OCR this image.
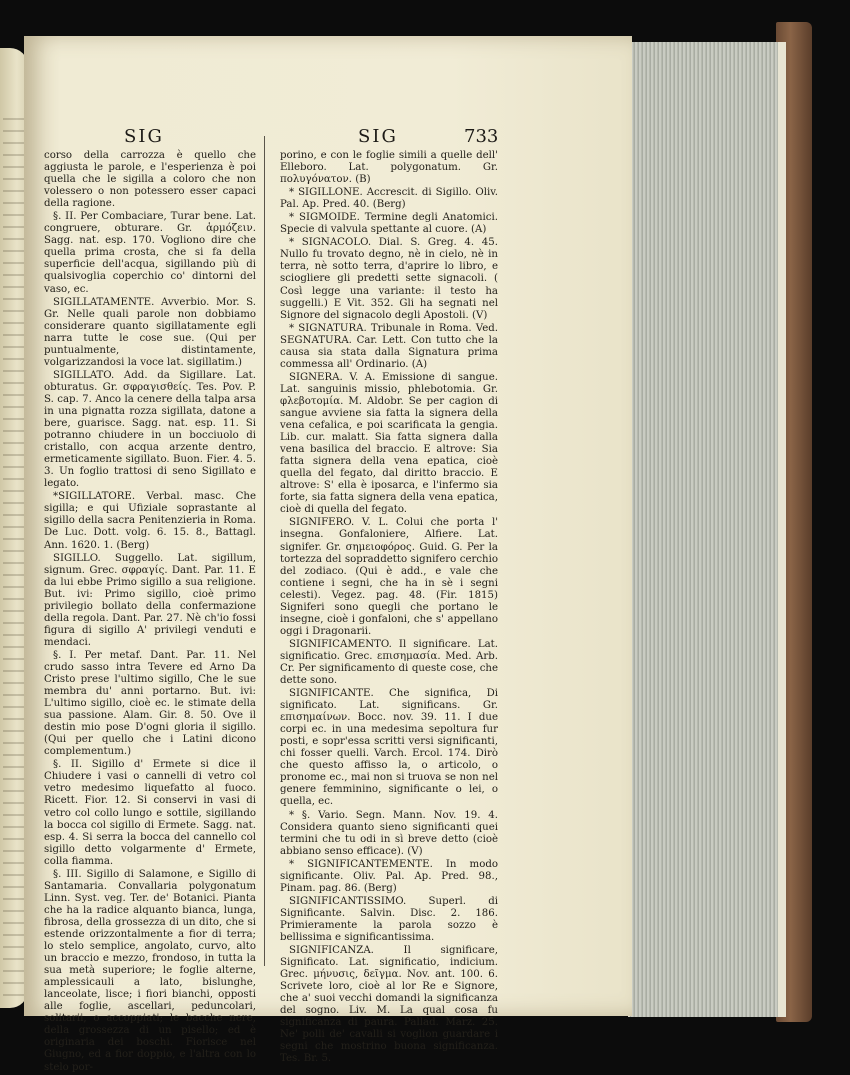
SIG	SIG	733

corso della carrozza è quello che aggiusta le parole, e l'esperienza è poi quella che le sigilla a coloro che non volessero o non potessero esser capaci della ragione.

§. II. Per Combaciare, Turar bene. Lat. congruere, obturare. Gr. ἁρμόζειν. Sagg. nat. esp. 170. Vogliono dire che quella prima crosta, che si fa della superficie dell'acqua, sigillando più di qualsivoglia coperchio co' dintorni del vaso, ec.

SIGILLATAMENTE. Avverbio. Mor. S. Gr. Nelle quali parole non dobbiamo considerare quanto sigillatamente egli narra tutte le cose sue. (Qui per puntualmente, distintamente, volgarizzandosi la voce lat. sigillatim.)

SIGILLATO. Add. da Sigillare. Lat. obturatus. Gr. σφραγισθείς. Tes. Pov. P. S. cap. 7. Anco la cenere della talpa arsa in una pignatta rozza sigillata, datone a bere, guarisce. Sagg. nat. esp. 11. Si potranno chiudere in un bocciuolo di cristallo, con acqua arzente dentro, ermeticamente sigillato. Buon. Fier. 4. 5. 3. Un foglio trattosi di seno Sigillato e legato.

*SIGILLATORE. Verbal. masc. Che sigilla; e qui Ufiziale soprastante al sigillo della sacra Penitenzieria in Roma. De Luc. Dott. volg. 6. 15. 8., Battagl. Ann. 1620. 1. (Berg)

SIGILLO. Suggello. Lat. sigillum, signum. Grec. σφραγίς. Dant. Par. 11. E da lui ebbe Primo sigillo a sua religione. But. ivi: Primo sigillo, cioè primo privilegio bollato della confermazione della regola. Dant. Par. 27. Nè ch'io fossi figura di sigillo A' privilegi venduti e mendaci.

§. I. Per metaf. Dant. Par. 11. Nel crudo sasso intra Tevere ed Arno Da Cristo prese l'ultimo sigillo, Che le sue membra du' anni portarno. But. ivi: L'ultimo sigillo, cioè ec. le stimate della sua passione. Alam. Gir. 8. 50. Ove il destin mio pose D'ogni gloria il sigillo. (Qui per quello che i Latini dicono complementum.)

§. II. Sigillo d' Ermete si dice il Chiudere i vasi o cannelli di vetro col vetro medesimo liquefatto al fuoco. Ricett. Fior. 12. Si conservi in vasi di vetro col collo lungo e sottile, sigillando la bocca col sigillo di Ermete. Sagg. nat. esp. 4. Si serra la bocca del cannello col sigillo detto volgarmente d' Ermete, colla fiamma.

§. III. Sigillo di Salamone, e Sigillo di Santamaria. Convallaria polygonatum Linn. Syst. veg. Ter. de' Botanici. Pianta che ha la radice alquanto bianca, lunga, fibrosa, della grossezza di un dito, che si estende orizzontalmente a fior di terra; lo stelo semplice, angolato, curvo, alto un braccio e mezzo, frondoso, in tutta la sua metà superiore; le foglie alterne, amplessicauli a lato, bislunghe, lanceolate, lisce; i fiori bianchi, opposti alle foglie, ascellari, peduncolari, solitarii, o accoppiati; le bacche nere, della grossezza di un pisello; ed è originaria dei boschi. Fiorisce nel Giugno, ed a fior doppio, e l'altra con lo stelo por-

porino, e con le foglie simili a quelle dell' Elleboro. Lat. polygonatum. Gr. πολυγόνατον. (B)

* SIGILLONE. Accrescit. di Sigillo. Oliv. Pal. Ap. Pred. 40. (Berg)

* SIGMOIDE. Termine degli Anatomici. Specie di valvula spettante al cuore. (A)

* SIGNACOLO. Dial. S. Greg. 4. 45. Nullo fu trovato degno, nè in cielo, nè in terra, nè sotto terra, d'aprire lo libro, e sciogliere gli predetti sette signacoli. ( Così legge una variante: il testo ha suggelli.) E Vit. 352. Gli ha segnati nel Signore del signacolo degli Apostoli. (V)

* SIGNATURA. Tribunale in Roma. Ved. SEGNATURA. Car. Lett. Con tutto che la causa sia stata dalla Signatura prima commessa all' Ordinario. (A)

SIGNERA. V. A. Emissione di sangue. Lat. sanguinis missio, phlebotomia. Gr. φλεβοτομία. M. Aldobr. Se per cagion di sangue avviene sia fatta la signera della vena cefalica, e poi scarificata la gengia. Lib. cur. malatt. Sia fatta signera dalla vena basilica del braccio. E altrove: Sia fatta signera della vena epatica, cioè quella del fegato, dal diritto braccio. E altrove: S' ella è iposarca, e l'infermo sia forte, sia fatta signera della vena epatica, cioè di quella del fegato.

SIGNIFERO. V. L. Colui che porta l' insegna. Gonfaloniere, Alfiere. Lat. signifer. Gr. σημειοφόρος. Guid. G. Per la tortezza del sopraddetto signifero cerchio del zodiaco. (Qui è add., e vale che contiene i segni, che ha in sè i segni celesti). Vegez. pag. 48. (Fir. 1815) Signiferi sono quegli che portano le insegne, cioè i gonfaloni, che s' appellano oggi i Dragonarii.

SIGNIFICAMENTO. Il significare. Lat. significatio. Grec. επισημασία. Med. Arb. Cr. Per significamento di queste cose, che dette sono.

SIGNIFICANTE. Che significa, Di significato. Lat. significans. Gr. επισημαίνων. Bocc. nov. 39. 11. I due corpi ec. in una medesima sepoltura fur posti, e sopr'essa scritti versi significanti, chi fosser quelli. Varch. Ercol. 174. Dirò che questo affisso la, o articolo, o pronome ec., mai non si truova se non nel genere femminino, significante o lei, o quella, ec.

* §. Vario. Segn. Mann. Nov. 19. 4. Considera quanto sieno significanti quei termini che tu odi in sì breve detto (cioè abbiano senso efficace). (V)

* SIGNIFICANTEMENTE. In modo significante. Oliv. Pal. Ap. Pred. 98., Pinam. pag. 86. (Berg)

SIGNIFICANTISSIMO. Superl. di Significante. Salvin. Disc. 2. 186. Primieramente la parola sozzo è bellissima e significantissima.

SIGNIFICANZA. Il significare, Significato. Lat. significatio, indicium. Grec. μήνυσις, δεῖγμα. Nov. ant. 100. 6. Scrivete loro, cioè al lor Re e Signore, che a' suoi vecchi domandi la significanza del sogno. Liv. M. La qual cosa fu significanza di paura. Pallad. Marz. 25. Ne' polli de' cavalli si voglion guardare i segni che mostrino buona significanza. Tes. Br. 5.
